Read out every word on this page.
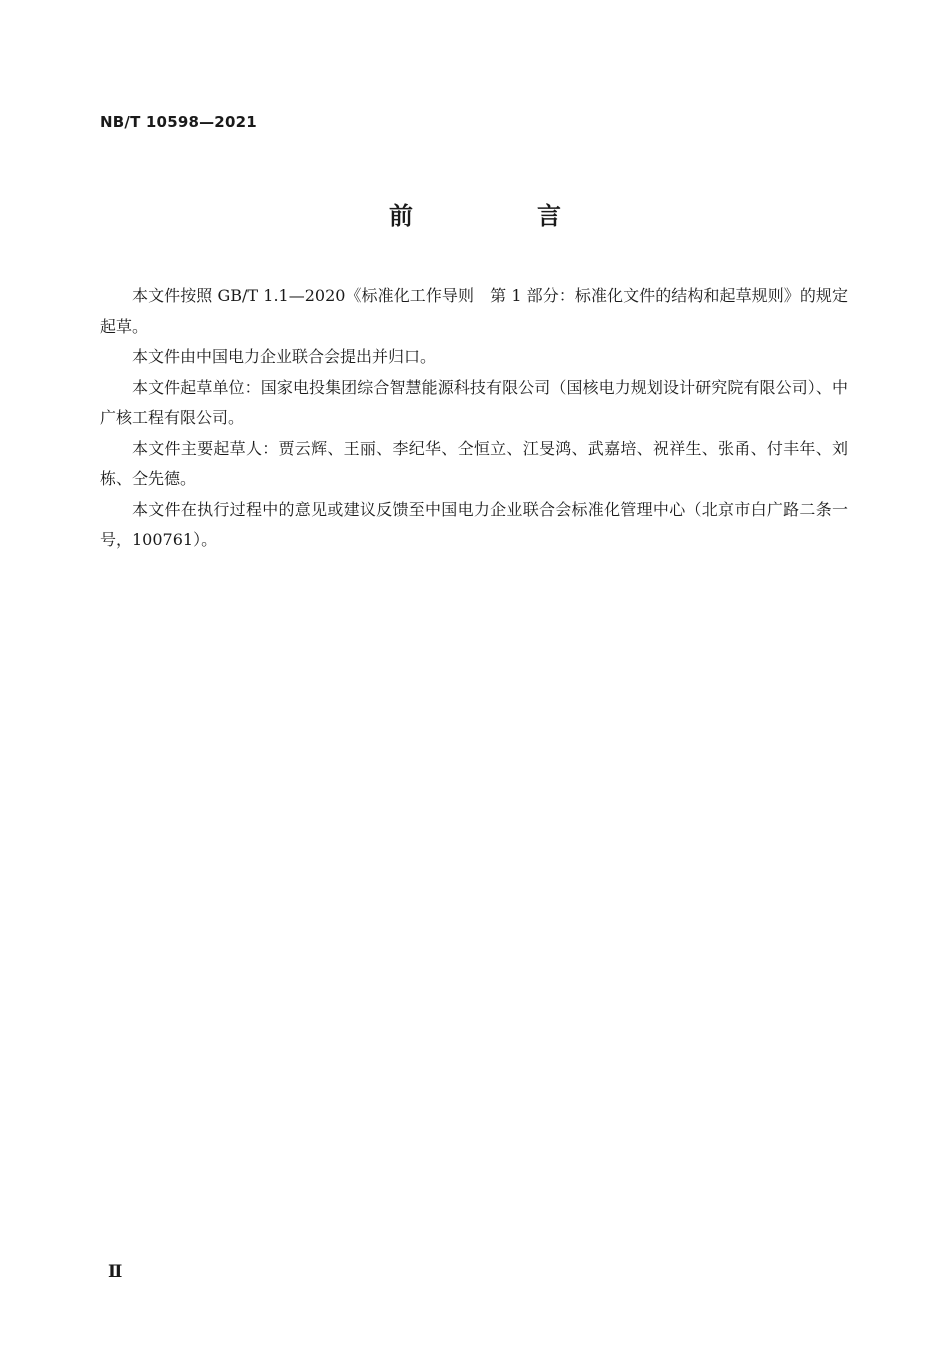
NB/T 10598—2021
前　言

本文件按照 GB/T 1.1—2020《标准化工作导则　第 1 部分：标准化文件的结构和起草规则》的规定起草。

本文件由中国电力企业联合会提出并归口。

本文件起草单位：国家电投集团综合智慧能源科技有限公司（国核电力规划设计研究院有限公司）、中广核工程有限公司。

本文件主要起草人：贾云辉、王丽、李纪华、仝恒立、江旻鸿、武嘉培、祝祥生、张甬、付丰年、刘栋、仝先德。

本文件在执行过程中的意见或建议反馈至中国电力企业联合会标准化管理中心（北京市白广路二条一号，100761）。

Ⅱ
